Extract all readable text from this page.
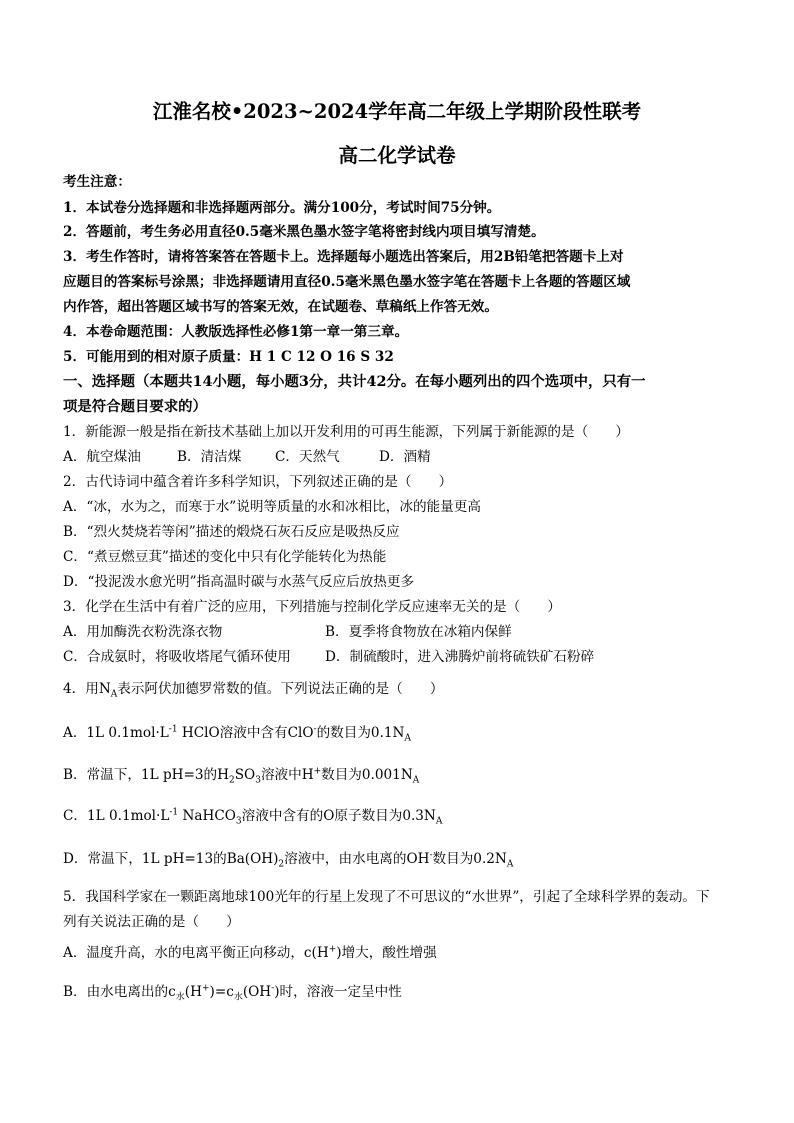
江淮名校•2023~2024学年高二年级上学期阶段性联考
高二化学试卷
考生注意：
1．本试卷分选择题和非选择题两部分。满分100分，考试时间75分钟。
2．答题前，考生务必用直径0.5毫米黑色墨水签字笔将密封线内项目填写清楚。
3．考生作答时，请将答案答在答题卡上。选择题每小题选出答案后，用2B铅笔把答题卡上对
应题目的答案标号涂黑；非选择题请用直径0.5毫米黑色墨水签字笔在答题卡上各题的答题区域
内作答，超出答题区域书写的答案无效，在试题卷、草稿纸上作答无效。
4．本卷命题范围：人教版选择性必修1第一章一第三章。
5．可能用到的相对原子质量：H 1 C 12 O 16 S 32
一、选择题（本题共14小题，每小题3分，共计42分。在每小题列出的四个选项中，只有一
项是符合题目要求的）
1．新能源一般是指在新技术基础上加以开发利用的可再生能源，下列属于新能源的是（　　）
A．航空煤油	B．清洁煤 C．天然气	D．酒精
2．古代诗词中蕴含着许多科学知识，下列叙述正确的是（　　）
A．“冰，水为之，而寒于水”说明等质量的水和冰相比，冰的能量更高
B．“烈火焚烧若等闲”描述的煅烧石灰石反应是吸热反应
C．“煮豆燃豆萁”描述的变化中只有化学能转化为热能
D．“投泥泼水愈光明”指高温时碳与水蒸气反应后放热更多
3．化学在生活中有着广泛的应用，下列措施与控制化学反应速率无关的是（　　）
A．用加酶洗衣粉洗涤衣物	B．夏季将食物放在冰箱内保鲜
C．合成氨时，将吸收塔尾气循环使用	D．制硫酸时，进入沸腾炉前将硫铁矿石粉碎
4．用$N_A$表示阿伏加德罗常数的值。下列说法正确的是（　　）
A．1L $0.1mol\cdot L^{-1}$ HClO溶液中含有ClO-的数目为$0.1N_A$
B．常温下，1L pH=3的$H_2SO_3$溶液中H+数目为$0.001N_A$
C．1L $0.1mol\cdot L^{-1}$ NaHCO$_3$溶液中含有的O原子数目为$0.3N_A$
D．常温下，1L pH=13的$Ba(OH)_2$溶液中，由水电离的OH-数目为$0.2N_A$
5．我国科学家在一颗距离地球100光年的行星上发现了不可思议的“水世界”，引起了全球科学界的轰动。下
列有关说法正确的是（　　）
A．温度升高，水的电离平衡正向移动，c(H+)增大，酸性增强
B．由水电离出的$c_水(H^+)=c_水(OH^-)$时，溶液一定呈中性
